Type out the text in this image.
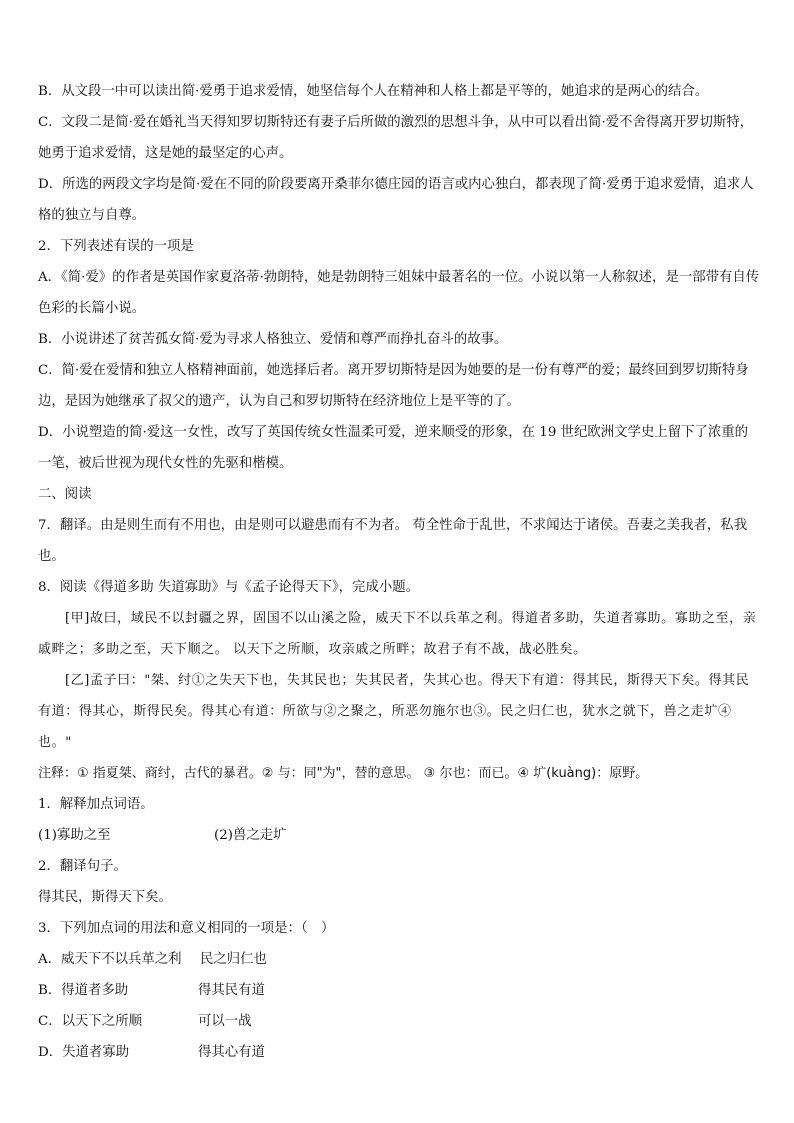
B．从文段一中可以读出简·爱勇于追求爱情，她坚信每个人在精神和人格上都是平等的，她追求的是两心的结合。

C．文段二是简·爱在婚礼当天得知罗切斯特还有妻子后所做的激烈的思想斗争，从中可以看出简·爱不舍得离开罗切斯特，她勇于追求爱情，这是她的最坚定的心声。

D．所选的两段文字均是简·爱在不同的阶段要离开桑菲尔德庄园的语言或内心独白，都表现了简·爱勇于追求爱情，追求人格的独立与自尊。

2．下列表述有误的一项是

A．《简·爱》的作者是英国作家夏洛蒂·勃朗特，她是勃朗特三姐妹中最著名的一位。小说以第一人称叙述，是一部带有自传色彩的长篇小说。

B．小说讲述了贫苦孤女简·爱为寻求人格独立、爱情和尊严而挣扎奋斗的故事。

C．简·爱在爱情和独立人格精神面前，她选择后者。离开罗切斯特是因为她要的是一份有尊严的爱；最终回到罗切斯特身边，是因为她继承了叔父的遗产，认为自己和罗切斯特在经济地位上是平等的了。

D．小说塑造的简·爱这一女性，改写了英国传统女性温柔可爱，逆来顺受的形象，在 19 世纪欧洲文学史上留下了浓重的一笔，被后世视为现代女性的先驱和楷模。

二、阅读

7．翻译。由是则生而有不用也，由是则可以避患而有不为者。 苟全性命于乱世，不求闻达于诸侯。吾妻之美我者，私我也。

8．阅读《得道多助 失道寡助》与《孟子论得天下》，完成小题。

[甲]故曰，域民不以封疆之界，固国不以山溪之险，威天下不以兵革之利。得道者多助，失道者寡助。寡助之至，亲戚畔之；多助之至，天下顺之。 以天下之所顺，攻亲戚之所畔；故君子有不战，战必胜矣。

[乙]孟子曰："桀、纣①之失天下也，失其民也；失其民者，失其心也。得天下有道：得其民，斯得天下矣。得其民有道：得其心，斯得民矣。得其心有道：所欲与②之聚之，所恶勿施尔也③。民之归仁也，犹水之就下，兽之走圹④也。"

注释：① 指夏桀、商纣，古代的暴君。② 与：同"为"，替的意思。 ③ 尔也：而已。④ 圹(kuàng)：原野。

1．解释加点词语。

(1)寡助之至	(2)兽之走圹

2．翻译句子。

得其民，斯得天下矣。

3．下列加点词的用法和意义相同的一项是：（　）

A．威天下不以兵革之利 民之归仁也

B．得道者多助	得其民有道

C．以天下之所顺	可以一战

D．失道者寡助	得其心有道
